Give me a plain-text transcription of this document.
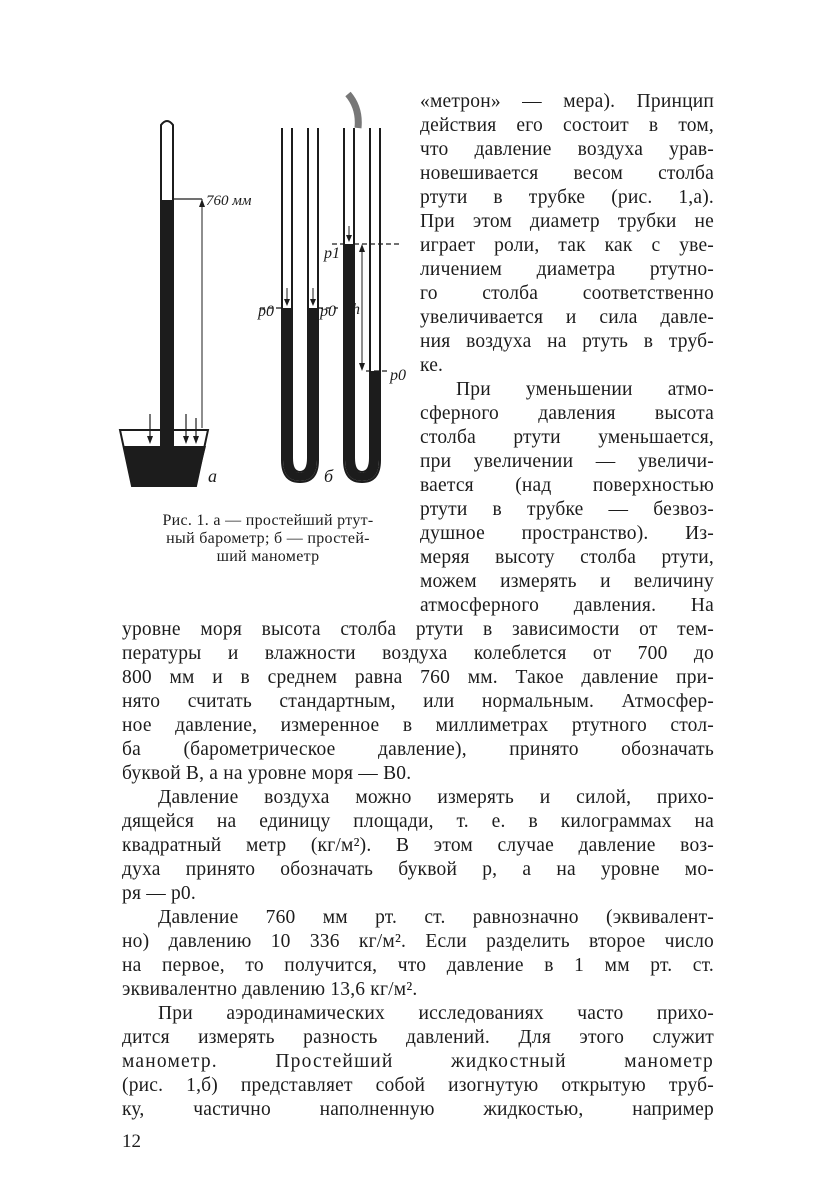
760 мм
а	б
p0	p0
p1
h
p0
Рис. 1. а — простейший ртут-
ный барометр; б — простей-
ший манометр
«метрон» — мера). Принцип
действия его состоит в том,
что давление воздуха урав-
новешивается весом столба
ртути в трубке (рис. 1,а).
При этом диаметр трубки не
играет роли, так как с уве-
личением диаметра ртутно-
го столба соответственно
увеличивается и сила давле-
ния воздуха на ртуть в труб-
ке.
При уменьшении атмо-
сферного давления высота
столба ртути уменьшается,
при увеличении — увеличи-
вается (над поверхностью
ртути в трубке — безвоз-
душное пространство). Из-
меряя высоту столба ртути,
можем измерять и величину
атмосферного давления. На
уровне моря высота столба ртути в зависимости от тем-
пературы и влажности воздуха колеблется от 700 до
800 мм и в среднем равна 760 мм. Такое давление при-
нято считать стандартным, или нормальным. Атмосфер-
ное давление, измеренное в миллиметрах ртутного стол-
ба (барометрическое давление), принято обозначать
буквой B, а на уровне моря — B0.
Давление воздуха можно измерять и силой, прихо-
дящейся на единицу площади, т. е. в килограммах на
квадратный метр (кг/м²). В этом случае давление воз-
духа принято обозначать буквой p, а на уровне мо-
ря — p0.
Давление 760 мм рт. ст. равнозначно (эквивалент-
но) давлению 10 336 кг/м². Если разделить второе число
на первое, то получится, что давление в 1 мм рт. ст.
эквивалентно давлению 13,6 кг/м².
При аэродинамических исследованиях часто прихо-
дится измерять разность давлений. Для этого служит
манометр. Простейший жидкостный манометр
(рис. 1,б) представляет собой изогнутую открытую труб-
ку, частично наполненную жидкостью, например
12
